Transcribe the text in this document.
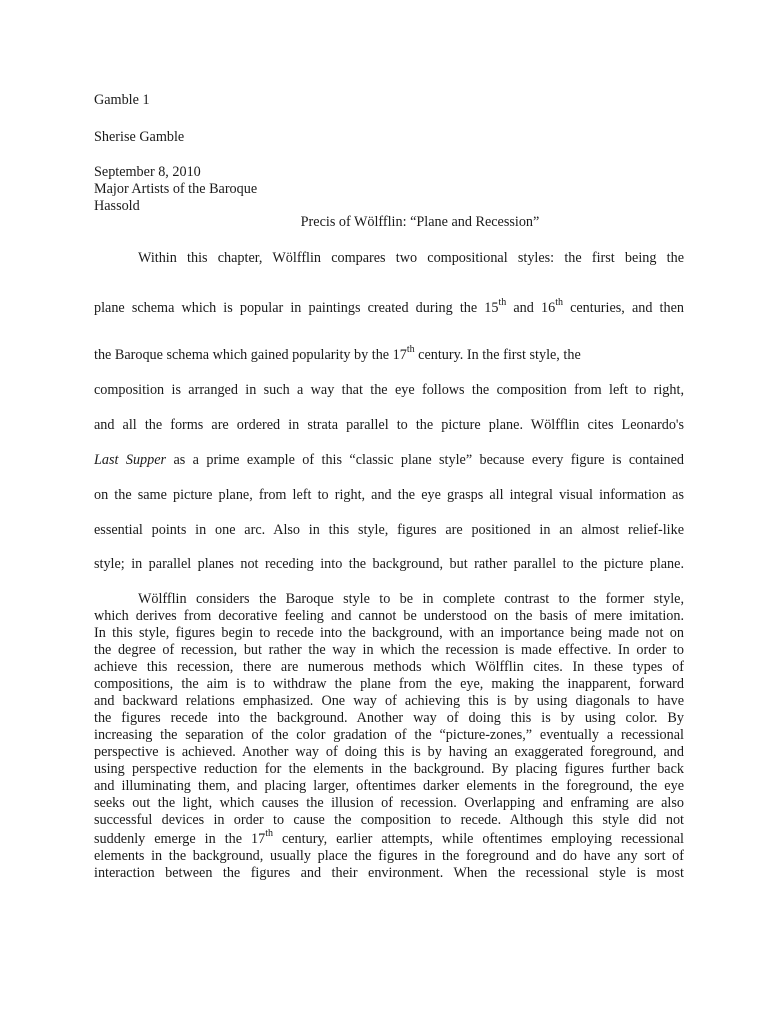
Gamble 1
Sherise Gamble
September 8, 2010
Major Artists of the Baroque
Hassold
Precis of Wölfflin: “Plane and Recession”
Within this chapter, Wölfflin compares two compositional styles: the first being the
plane schema which is popular in paintings created during the 15th and 16th centuries, and then
the Baroque schema which gained popularity by the 17th century. In the first style, the
composition is arranged in such a way that the eye follows the composition from left to right,
and all the forms are ordered in strata parallel to the picture plane. Wölfflin cites Leonardo's
Last Supper as a prime example of this “classic plane style” because every figure is contained
on the same picture plane, from left to right, and the eye grasps all integral visual information as
essential points in one arc. Also in this style, figures are positioned in an almost relief-like
style; in parallel planes not receding into the background, but rather parallel to the picture plane.
Wölfflin considers the Baroque style to be in complete contrast to the former style,
which derives from decorative feeling and cannot be understood on the basis of mere imitation.
In this style, figures begin to recede into the background, with an importance being made not on
the degree of recession, but rather the way in which the recession is made effective. In order to
achieve this recession, there are numerous methods which Wölfflin cites. In these types of
compositions, the aim is to withdraw the plane from the eye, making the inapparent, forward
and backward relations emphasized. One way of achieving this is by using diagonals to have
the figures recede into the background. Another way of doing this is by using color. By
increasing the separation of the color gradation of the “picture-zones,” eventually a recessional
perspective is achieved. Another way of doing this is by having an exaggerated foreground, and
using perspective reduction for the elements in the background. By placing figures further back
and illuminating them, and placing larger, oftentimes darker elements in the foreground, the eye
seeks out the light, which causes the illusion of recession. Overlapping and enframing are also
successful devices in order to cause the composition to recede. Although this style did not
suddenly emerge in the 17th century, earlier attempts, while oftentimes employing recessional
elements in the background, usually place the figures in the foreground and do have any sort of
interaction between the figures and their environment. When the recessional style is most
